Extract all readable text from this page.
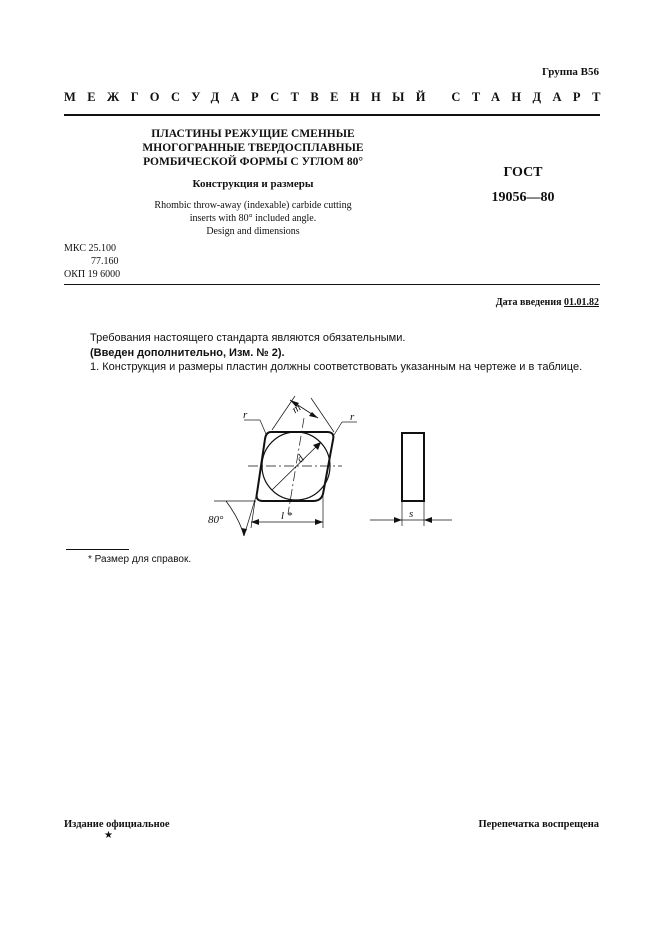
Группа В56
МЕЖГОСУДАРСТВЕННЫЙ СТАНДАРТ
ПЛАСТИНЫ РЕЖУЩИЕ СМЕННЫЕ
МНОГОГРАННЫЕ ТВЕРДОСПЛАВНЫЕ
РОМБИЧЕСКОЙ ФОРМЫ С УГЛОМ 80°
Конструкция и размеры
Rhombic throw-away (indexable) carbide cutting
inserts with 80° included angle.
Design and dimensions
ГОСТ
19056—80
МКС 25.100
77.160
ОКП 19 6000
Дата введения 01.01.82
Требования настоящего стандарта являются обязательными.
(Введен дополнительно, Изм. № 2).
1. Конструкция и размеры пластин должны соответствовать указанным на чертеже и в таблице.
r	r
m
d
l *
80°	s
* Размер для справок.
Издание официальное
★
Перепечатка воспрещена
